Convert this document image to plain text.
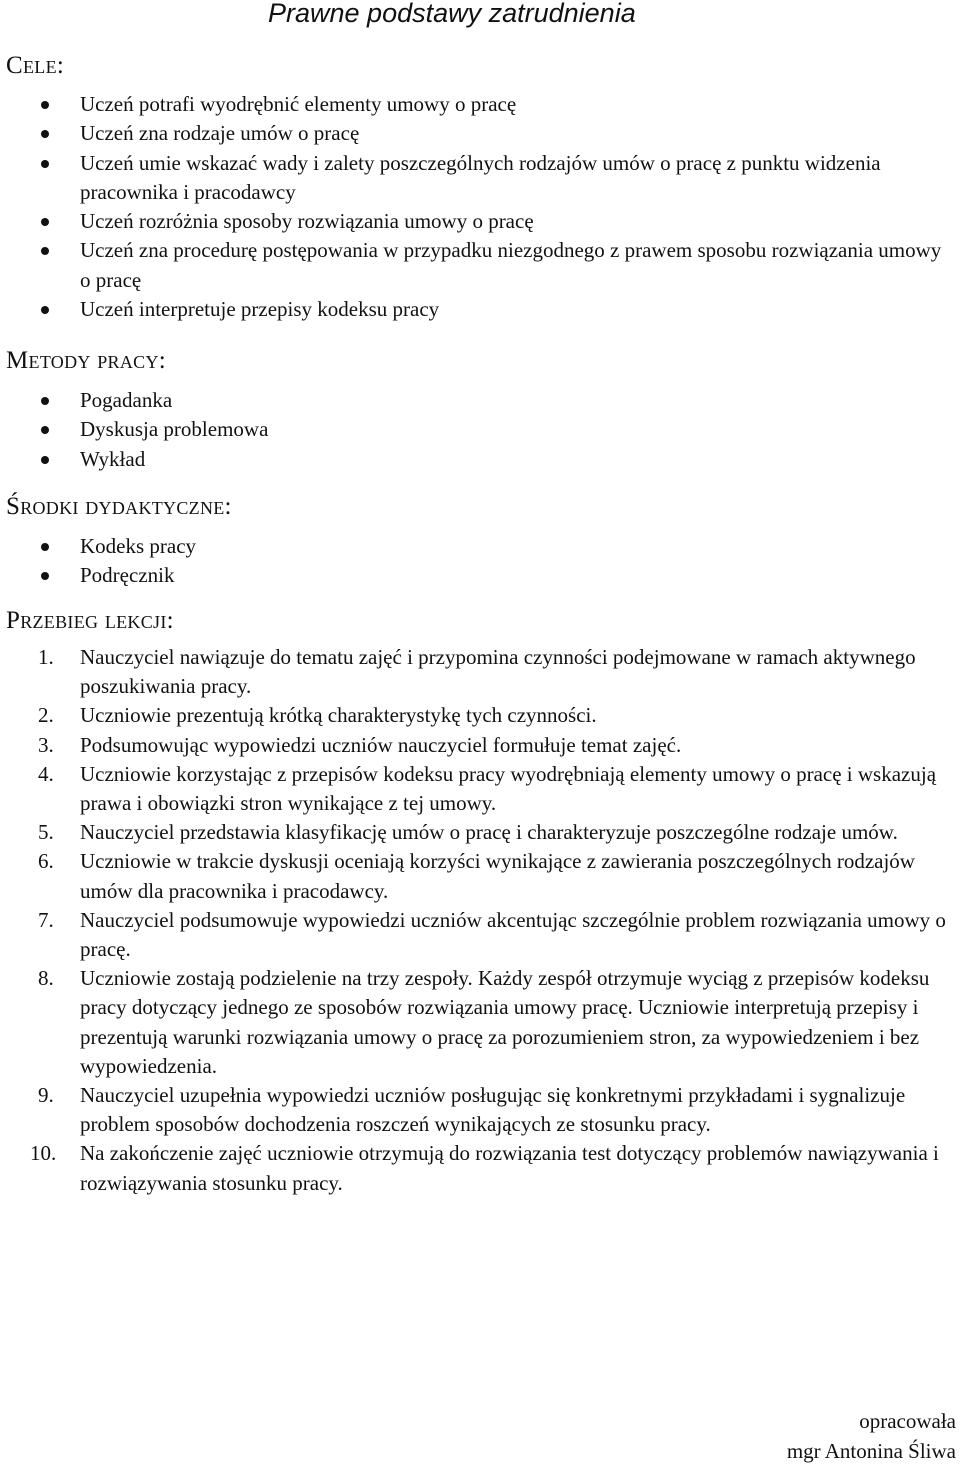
Prawne podstawy zatrudnienia
Cele:
Uczeń potrafi wyodrębnić elementy umowy o pracę
Uczeń zna rodzaje umów o pracę
Uczeń umie wskazać wady i zalety poszczególnych rodzajów umów o pracę z punktu widzenia pracownika i pracodawcy
Uczeń rozróżnia sposoby rozwiązania umowy o pracę
Uczeń zna procedurę postępowania w przypadku niezgodnego z prawem sposobu rozwiązania umowy o pracę
Uczeń interpretuje przepisy kodeksu pracy
Metody pracy:
Pogadanka
Dyskusja problemowa
Wykład
Środki dydaktyczne:
Kodeks pracy
Podręcznik
Przebieg lekcji:
1. Nauczyciel nawiązuje do tematu zajęć i przypomina czynności podejmowane w ramach aktywnego poszukiwania pracy.
2. Uczniowie prezentują krótką charakterystykę tych czynności.
3. Podsumowując wypowiedzi uczniów nauczyciel formułuje temat zajęć.
4. Uczniowie korzystając z przepisów kodeksu pracy wyodrębniają elementy umowy o pracę i wskazują prawa i obowiązki stron wynikające z tej umowy.
5. Nauczyciel przedstawia klasyfikację umów o pracę i charakteryzuje poszczególne rodzaje umów.
6. Uczniowie w trakcie dyskusji oceniają korzyści wynikające z zawierania poszczególnych rodzajów umów dla pracownika i pracodawcy.
7. Nauczyciel podsumowuje wypowiedzi uczniów akcentując szczególnie problem rozwiązania umowy o pracę.
8. Uczniowie zostają podzielenie na trzy zespoły. Każdy zespół otrzymuje wyciąg z przepisów kodeksu pracy dotyczący jednego ze sposobów rozwiązania umowy pracę. Uczniowie interpretują przepisy i prezentują warunki rozwiązania umowy o pracę za porozumieniem stron, za wypowiedzeniem i bez wypowiedzenia.
9. Nauczyciel uzupełnia wypowiedzi uczniów posługując się konkretnymi przykładami i sygnalizuje problem sposobów dochodzenia roszczeń wynikających ze stosunku pracy.
10. Na zakończenie zajęć uczniowie otrzymują do rozwiązania test dotyczący problemów nawiązywania i rozwiązywania stosunku pracy.
opracowała
mgr Antonina Śliwa
